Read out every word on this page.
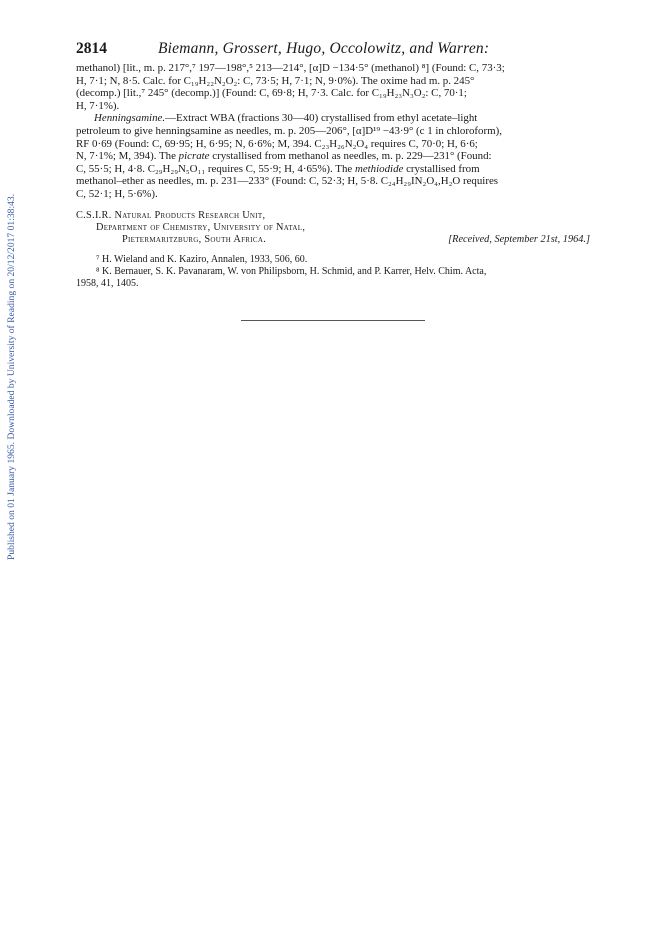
Published on 01 January 1965. Downloaded by University of Reading on 20/12/2017 01:38:43.
2814	Biemann, Grossert, Hugo, Occolowitz, and Warren:

methanol) [lit., m. p. 217°,⁷ 197—198°,⁵ 213—214°, [α]D −134·5° (methanol) ⁸] (Found: C, 73·3;
H, 7·1; N, 8·5. Calc. for C₁₉H₂₂N₂O₂: C, 73·5; H, 7·1; N, 9·0%). The oxime had m. p. 245°
(decomp.) [lit.,⁷ 245° (decomp.)] (Found: C, 69·8; H, 7·3. Calc. for C₁₉H₂₃N₃O₂: C, 70·1;
H, 7·1%).

Henningsamine.—Extract WBA (fractions 30—40) crystallised from ethyl acetate–light
petroleum to give henningsamine as needles, m. p. 205—206°, [α]D¹⁹ −43·9° (c 1 in chloroform),
RF 0·69 (Found: C, 69·95; H, 6·95; N, 6·6%; M, 394. C₂₃H₂₆N₂O₄ requires C, 70·0; H, 6·6;
N, 7·1%; M, 394). The picrate crystallised from methanol as needles, m. p. 229—231° (Found:
C, 55·5; H, 4·8. C₂₉H₂₉N₅O₁₁ requires C, 55·9; H, 4·65%). The methiodide crystallised from
methanol–ether as needles, m. p. 231—233° (Found: C, 52·3; H, 5·8. C₂₄H₂₉IN₂O₄,H₂O requires
C, 52·1; H, 5·6%).

C.S.I.R. Natural Products Research Unit,
Department of Chemistry, University of Natal,
Pietermaritzburg, South Africa.	[Received, September 21st, 1964.]
⁷ H. Wieland and K. Kaziro, Annalen, 1933, 506, 60.
⁸ K. Bernauer, S. K. Pavanaram, W. von Philipsborn, H. Schmid, and P. Karrer, Helv. Chim. Acta,
1958, 41, 1405.
